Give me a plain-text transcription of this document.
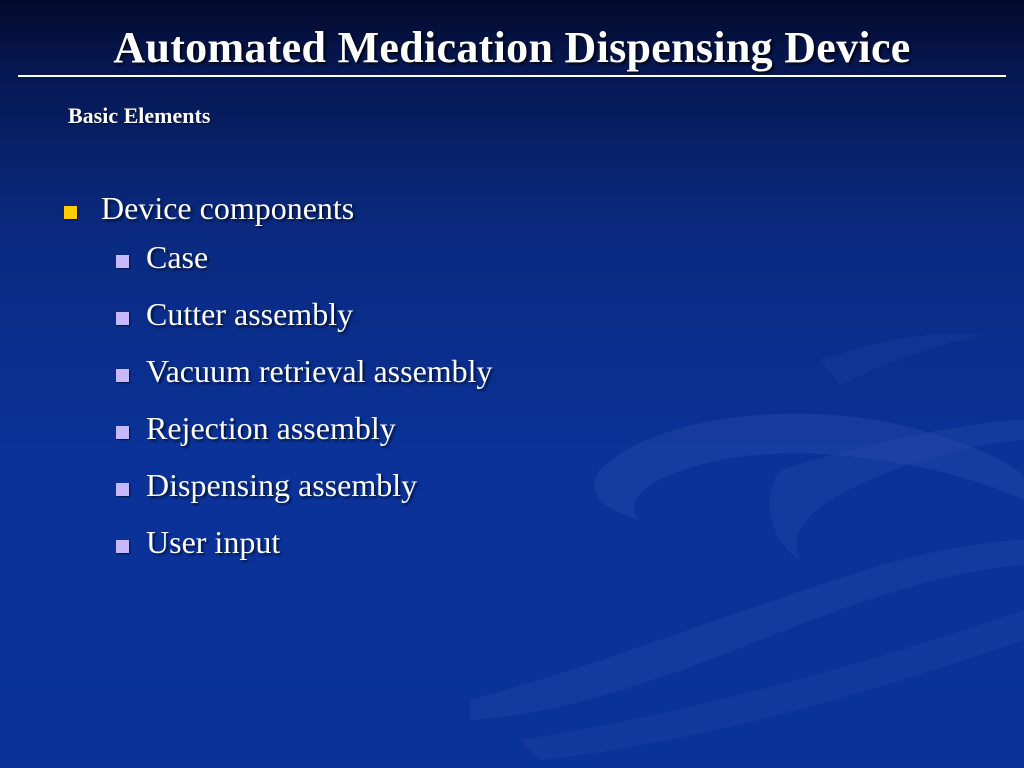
Automated Medication Dispensing Device
Basic Elements
Device components
Case
Cutter assembly
Vacuum retrieval assembly
Rejection assembly
Dispensing assembly
User input
